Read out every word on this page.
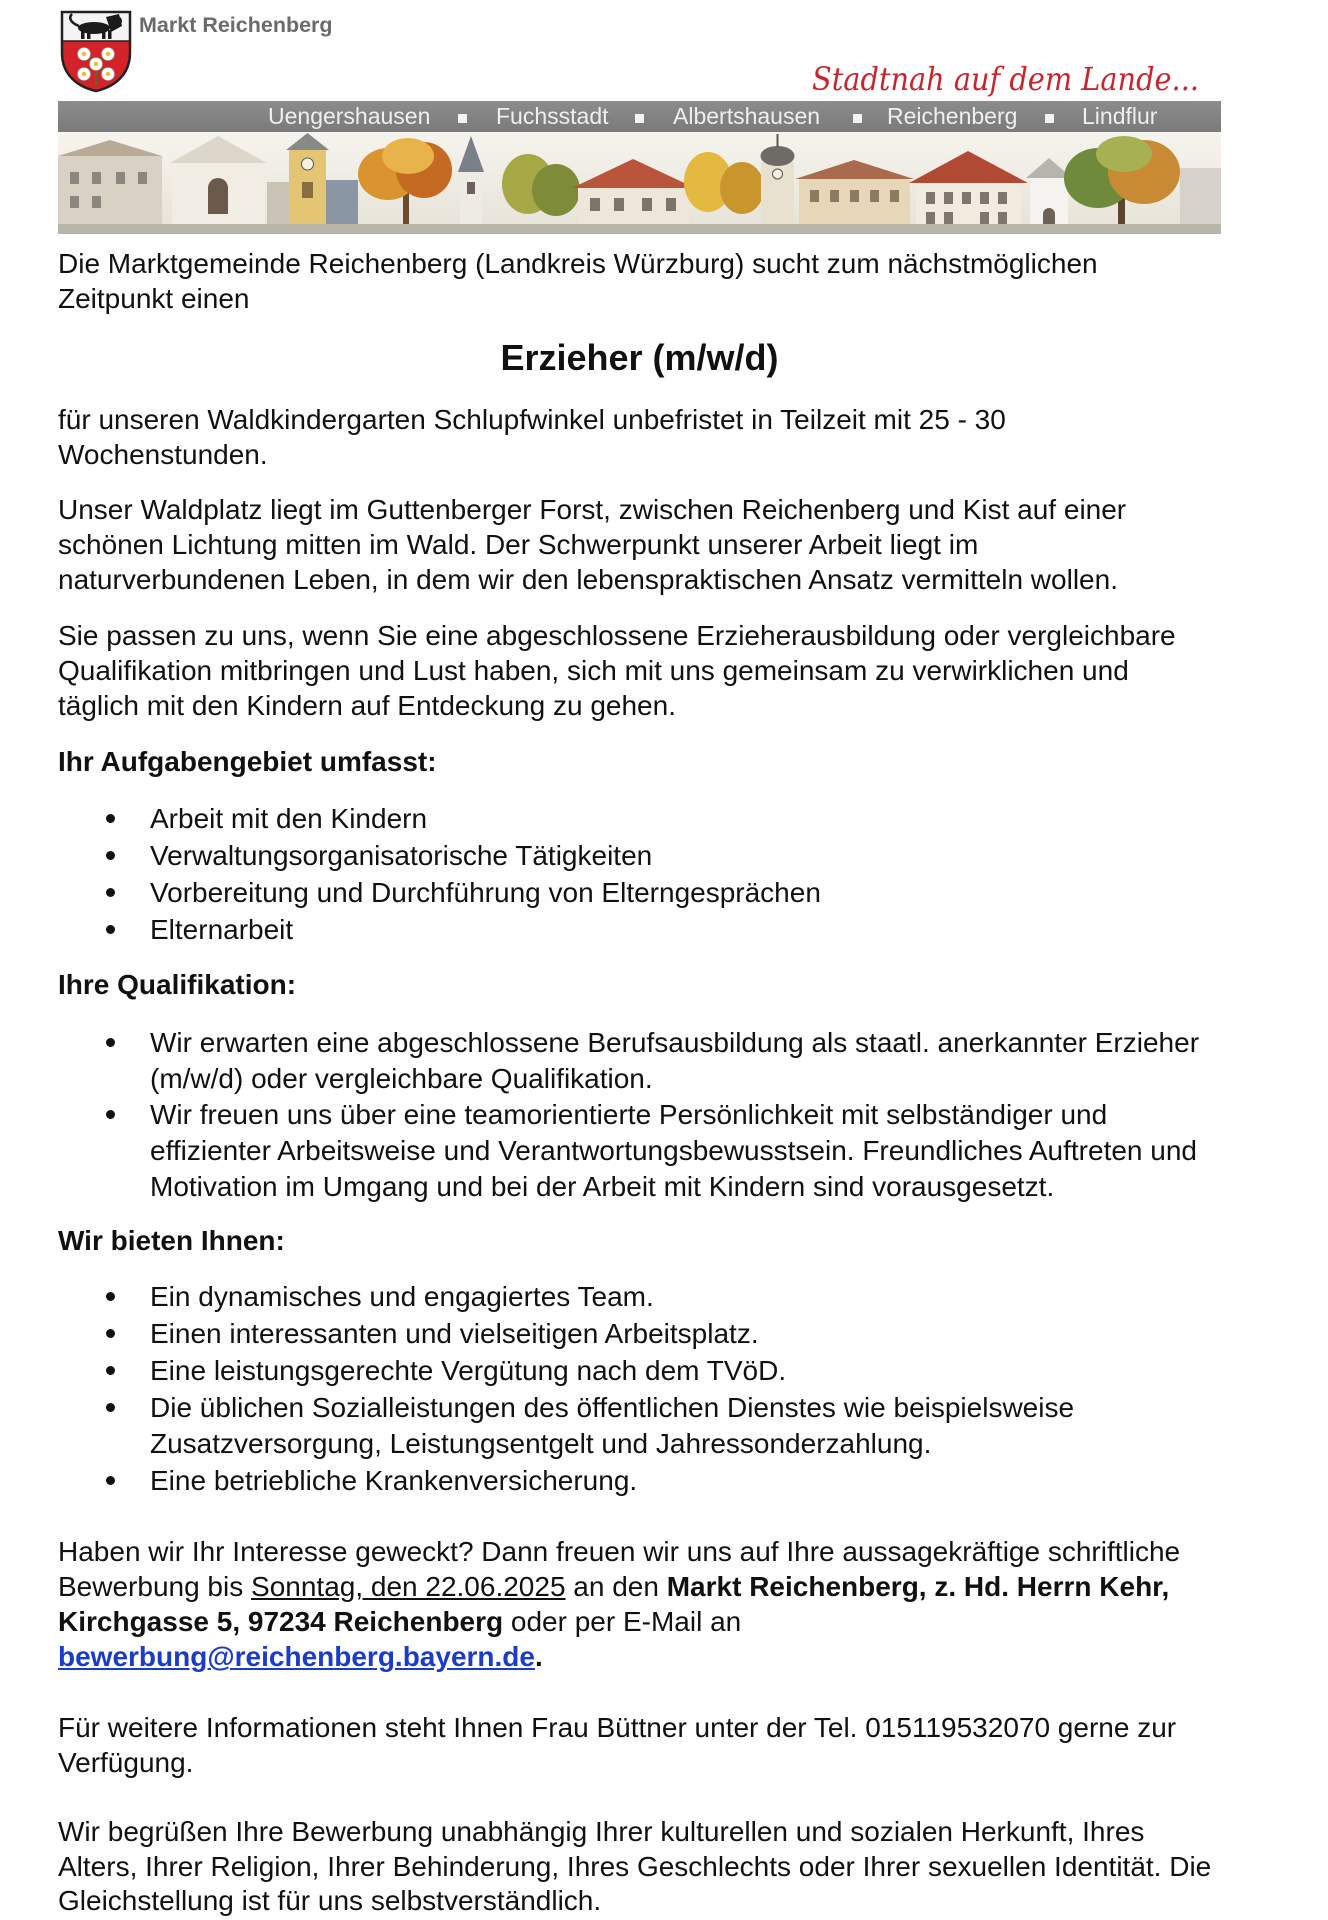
Markt Reichenberg
Stadtnah auf dem Lande...
Uengershausen	Fuchsstadt	Albertshausen	Reichenberg	Lindflur
Die Marktgemeinde Reichenberg (Landkreis Würzburg) sucht zum nächstmöglichen
Zeitpunkt einen
Erzieher (m/w/d)
für unseren Waldkindergarten Schlupfwinkel unbefristet in Teilzeit mit 25 - 30
Wochenstunden.
Unser Waldplatz liegt im Guttenberger Forst, zwischen Reichenberg und Kist auf einer
schönen Lichtung mitten im Wald. Der Schwerpunkt unserer Arbeit liegt im
naturverbundenen Leben, in dem wir den lebenspraktischen Ansatz vermitteln wollen.
Sie passen zu uns, wenn Sie eine abgeschlossene Erzieherausbildung oder vergleichbare
Qualifikation mitbringen und Lust haben, sich mit uns gemeinsam zu verwirklichen und
täglich mit den Kindern auf Entdeckung zu gehen.
Ihr Aufgabengebiet umfasst:
Arbeit mit den Kindern
Verwaltungsorganisatorische Tätigkeiten
Vorbereitung und Durchführung von Elterngesprächen
Elternarbeit
Ihre Qualifikation:
Wir erwarten eine abgeschlossene Berufsausbildung als staatl. anerkannter Erzieher
(m/w/d) oder vergleichbare Qualifikation.
Wir freuen uns über eine teamorientierte Persönlichkeit mit selbständiger und
effizienter Arbeitsweise und Verantwortungsbewusstsein. Freundliches Auftreten und
Motivation im Umgang und bei der Arbeit mit Kindern sind vorausgesetzt.
Wir bieten Ihnen:
Ein dynamisches und engagiertes Team.
Einen interessanten und vielseitigen Arbeitsplatz.
Eine leistungsgerechte Vergütung nach dem TVöD.
Die üblichen Sozialleistungen des öffentlichen Dienstes wie beispielsweise
Zusatzversorgung, Leistungsentgelt und Jahressonderzahlung.
Eine betriebliche Krankenversicherung.
Haben wir Ihr Interesse geweckt? Dann freuen wir uns auf Ihre aussagekräftige schriftliche
Bewerbung bis Sonntag, den 22.06.2025 an den Markt Reichenberg, z. Hd. Herrn Kehr,
Kirchgasse 5, 97234 Reichenberg oder per E-Mail an
bewerbung@reichenberg.bayern.de.
Für weitere Informationen steht Ihnen Frau Büttner unter der Tel. 015119532070 gerne zur
Verfügung.
Wir begrüßen Ihre Bewerbung unabhängig Ihrer kulturellen und sozialen Herkunft, Ihres
Alters, Ihrer Religion, Ihrer Behinderung, Ihres Geschlechts oder Ihrer sexuellen Identität. Die
Gleichstellung ist für uns selbstverständlich.
